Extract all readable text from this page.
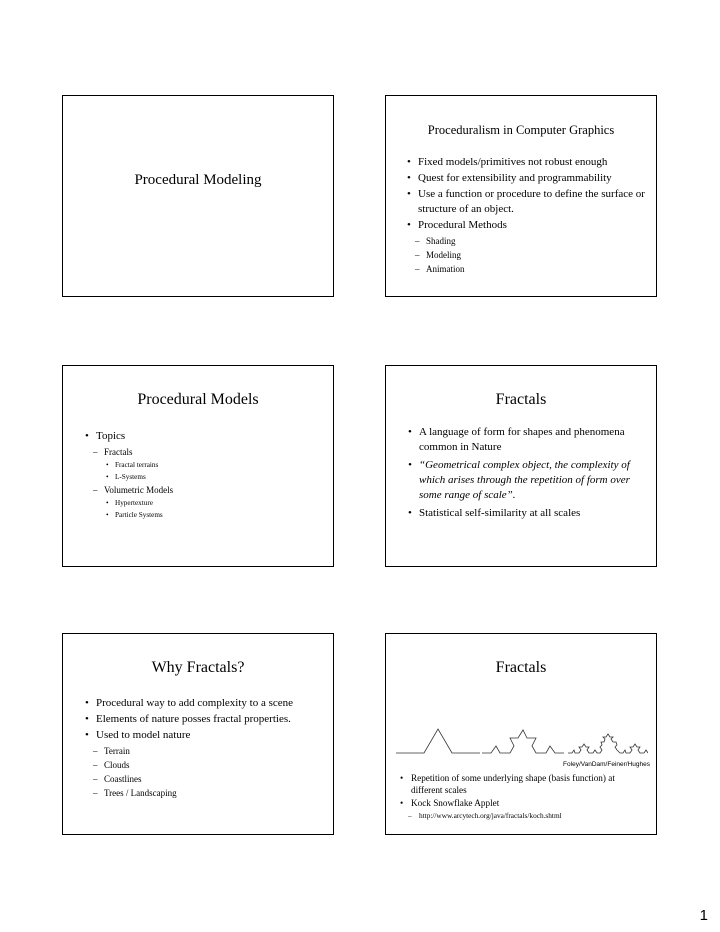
Procedural Modeling
Proceduralism in Computer Graphics
• Fixed models/primitives not robust enough
• Quest for extensibility and programmability
• Use a function or procedure to define the surface or structure of an object.
• Procedural Methods
– Shading
– Modeling
– Animation
Procedural Models
• Topics
– Fractals
• Fractal terrains
• L-Systems
– Volumetric Models
• Hypertexture
• Particle Systems
Fractals
• A language of form for shapes and phenomena common in Nature
• “Geometrical complex object, the complexity of which arises through the repetition of form over some range of scale”.
• Statistical self-similarity at all scales
Why Fractals?
• Procedural way to add complexity to a scene
• Elements of nature posses fractal properties.
• Used to model nature
– Terrain
– Clouds
– Coastlines
– Trees / Landscaping
Fractals
Foley/VanDam/Feiner/Hughes
• Repetition of some underlying shape (basis function) at different scales
• Kock Snowflake Applet
– http://www.arcytech.org/java/fractals/koch.shtml
1
